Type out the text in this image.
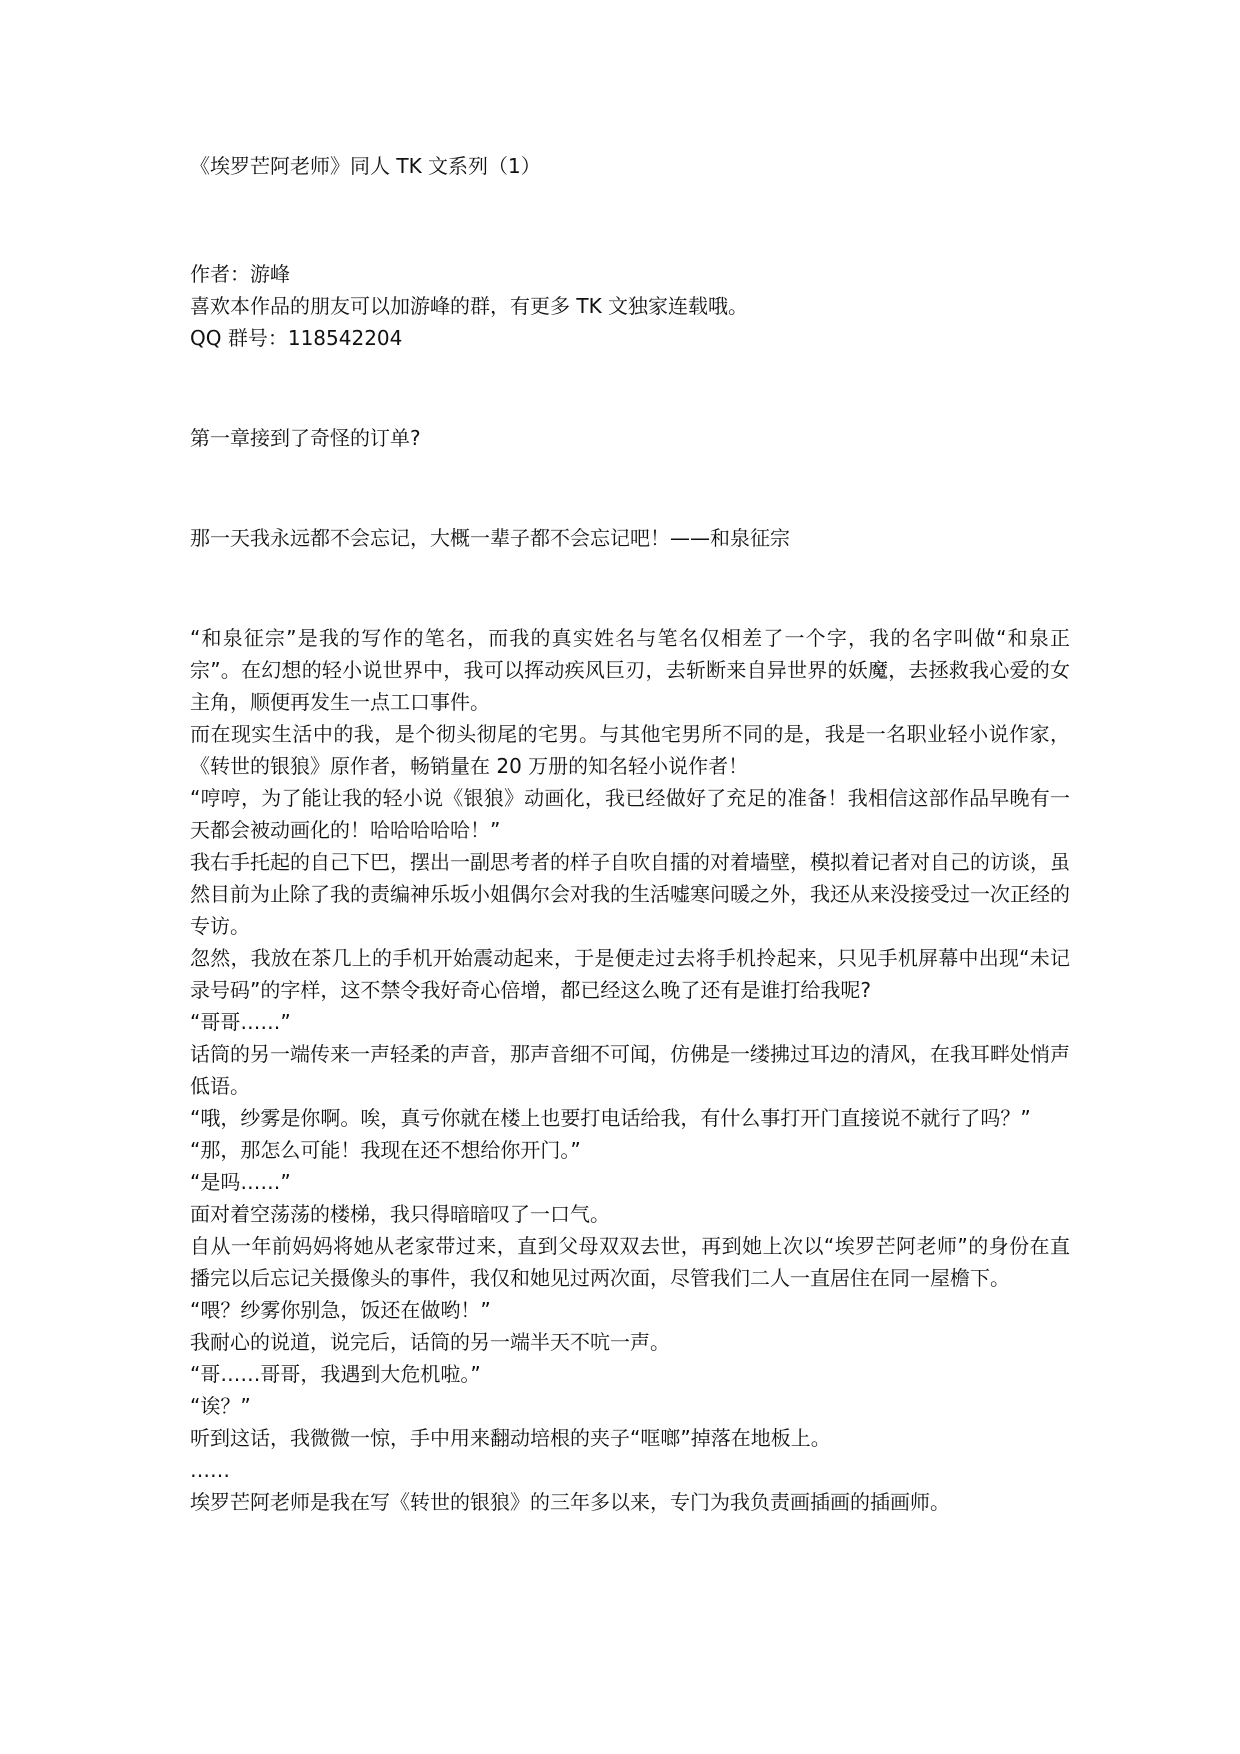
《埃罗芒阿老师》同人 TK 文系列（1）

作者：游峰

喜欢本作品的朋友可以加游峰的群，有更多 TK 文独家连载哦。

QQ 群号：118542204

第一章接到了奇怪的订单?

那一天我永远都不会忘记，大概一辈子都不会忘记吧！——和泉征宗

“和泉征宗”是我的写作的笔名，而我的真实姓名与笔名仅相差了一个字，我的名字叫做“和泉正宗”。在幻想的轻小说世界中，我可以挥动疾风巨刃，去斩断来自异世界的妖魔，去拯救我心爱的女主角，顺便再发生一点工口事件。

而在现实生活中的我，是个彻头彻尾的宅男。与其他宅男所不同的是，我是一名职业轻小说作家，《转世的银狼》原作者，畅销量在 20 万册的知名轻小说作者！

“哼哼，为了能让我的轻小说《银狼》动画化，我已经做好了充足的准备！我相信这部作品早晚有一天都会被动画化的！哈哈哈哈哈！”

我右手托起的自己下巴，摆出一副思考者的样子自吹自擂的对着墙壁，模拟着记者对自己的访谈，虽然目前为止除了我的责编神乐坂小姐偶尔会对我的生活嘘寒问暖之外，我还从来没接受过一次正经的专访。

忽然，我放在茶几上的手机开始震动起来，于是便走过去将手机拎起来，只见手机屏幕中出现“未记录号码”的字样，这不禁令我好奇心倍增，都已经这么晚了还有是谁打给我呢?

“哥哥……”

话筒的另一端传来一声轻柔的声音，那声音细不可闻，仿佛是一缕拂过耳边的清风，在我耳畔处悄声低语。

“哦，纱雾是你啊。唉，真亏你就在楼上也要打电话给我，有什么事打开门直接说不就行了吗？”

“那，那怎么可能！我现在还不想给你开门。”

“是吗……”

面对着空荡荡的楼梯，我只得暗暗叹了一口气。

自从一年前妈妈将她从老家带过来，直到父母双双去世，再到她上次以“埃罗芒阿老师”的身份在直播完以后忘记关摄像头的事件，我仅和她见过两次面，尽管我们二人一直居住在同一屋檐下。

“喂？纱雾你别急，饭还在做哟！”

我耐心的说道，说完后，话筒的另一端半天不吭一声。

“哥……哥哥，我遇到大危机啦。”

“诶？”

听到这话，我微微一惊，手中用来翻动培根的夹子“哐啷”掉落在地板上。

……

埃罗芒阿老师是我在写《转世的银狼》的三年多以来，专门为我负责画插画的插画师。
